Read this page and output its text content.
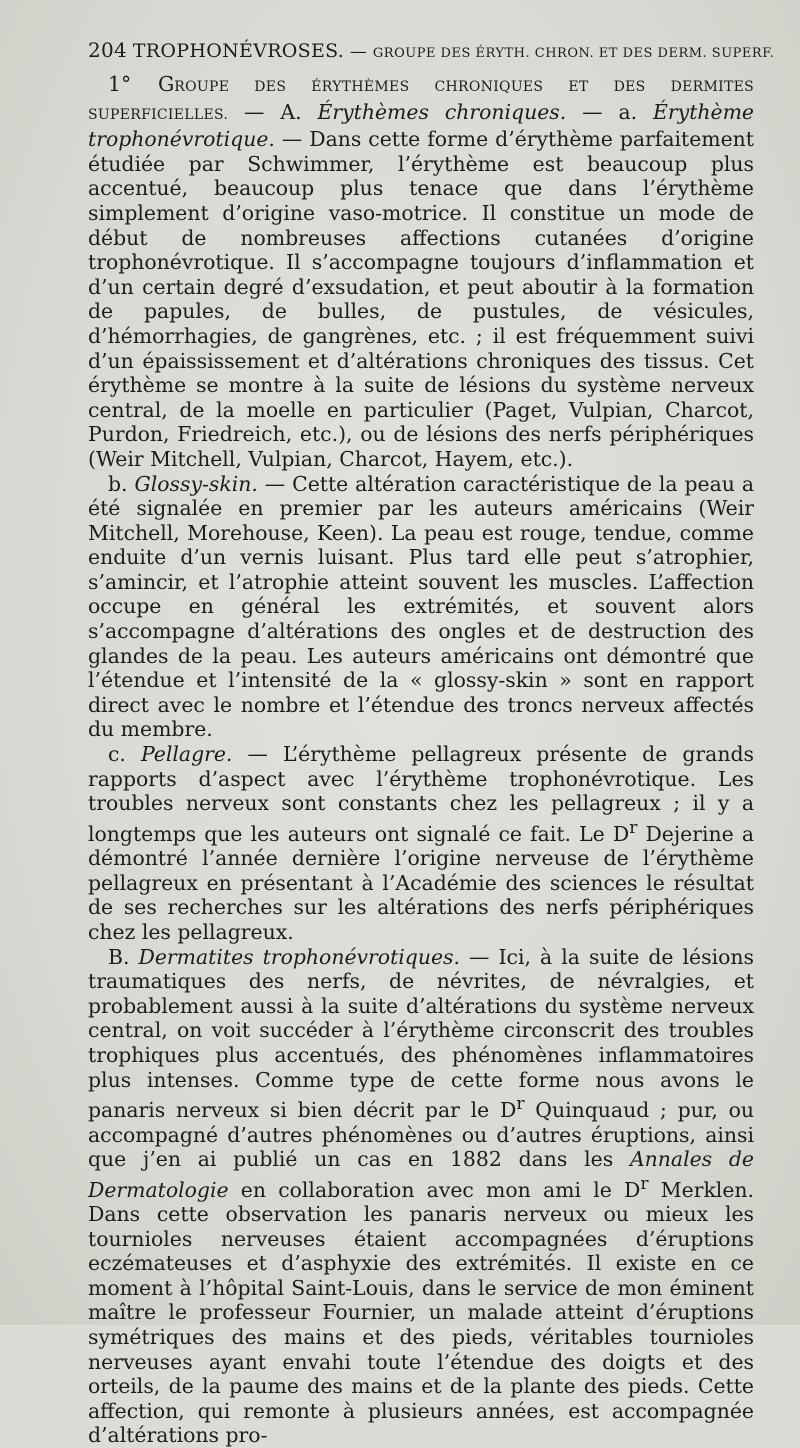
204 TROPHONÉVROSES. — GROUPE DES ÉRYTH. CHRON. ET DES DERM. SUPERF.

1° GROUPE DES ÉRYTHÈMES CHRONIQUES ET DES DERMITES SUPERFICIELLES. — A. Érythèmes chroniques. — a. Érythème trophonévrotique. — Dans cette forme d’érythème parfaitement étudiée par Schwimmer, l’érythème est beaucoup plus accentué, beaucoup plus tenace que dans l’érythème simplement d’origine vaso-motrice. Il constitue un mode de début de nombreuses affections cutanées d’origine trophonévrotique. Il s’accompagne toujours d’inflammation et d’un certain degré d’exsudation, et peut aboutir à la formation de papules, de bulles, de pustules, de vésicules, d’hémorrhagies, de gangrènes, etc. ; il est fréquemment suivi d’un épaississement et d’altérations chroniques des tissus. Cet érythème se montre à la suite de lésions du système nerveux central, de la moelle en particulier (Paget, Vulpian, Charcot, Purdon, Friedreich, etc.), ou de lésions des nerfs périphériques (Weir Mitchell, Vulpian, Charcot, Hayem, etc.).

b. Glossy-skin. — Cette altération caractéristique de la peau a été signalée en premier par les auteurs américains (Weir Mitchell, Morehouse, Keen). La peau est rouge, tendue, comme enduite d’un vernis luisant. Plus tard elle peut s’atrophier, s’amincir, et l’atrophie atteint souvent les muscles. L’affection occupe en général les extrémités, et souvent alors s’accompagne d’altérations des ongles et de destruction des glandes de la peau. Les auteurs américains ont démontré que l’étendue et l’intensité de la « glossy-skin » sont en rapport direct avec le nombre et l’étendue des troncs nerveux affectés du membre.

c. Pellagre. — L’érythème pellagreux présente de grands rapports d’aspect avec l’érythème trophonévrotique. Les troubles nerveux sont constants chez les pellagreux ; il y a longtemps que les auteurs ont signalé ce fait. Le $D^r$ Dejerine a démontré l’année dernière l’origine nerveuse de l’érythème pellagreux en présentant à l’Académie des sciences le résultat de ses recherches sur les altérations des nerfs périphériques chez les pellagreux.

B. Dermatites trophonévrotiques. — Ici, à la suite de lésions traumatiques des nerfs, de névrites, de névralgies, et probablement aussi à la suite d’altérations du système nerveux central, on voit succéder à l’érythème circonscrit des troubles trophiques plus accentués, des phénomènes inflammatoires plus intenses. Comme type de cette forme nous avons le panaris nerveux si bien décrit par le $D^r$ Quinquaud ; pur, ou accompagné d’autres phénomènes ou d’autres éruptions, ainsi que j’en ai publié un cas en 1882 dans les Annales de Dermatologie en collaboration avec mon ami le $D^r$ Merklen. Dans cette observation les panaris nerveux ou mieux les tournioles nerveuses étaient accompagnées d’éruptions eczémateuses et d’asphyxie des extrémités. Il existe en ce moment à l’hôpital Saint-Louis, dans le service de mon éminent maître le professeur Fournier, un malade atteint d’éruptions symétriques des mains et des pieds, véritables tournioles nerveuses ayant envahi toute l’étendue des doigts et des orteils, de la paume des mains et de la plante des pieds. Cette affection, qui remonte à plusieurs années, est accompagnée d’altérations pro-
